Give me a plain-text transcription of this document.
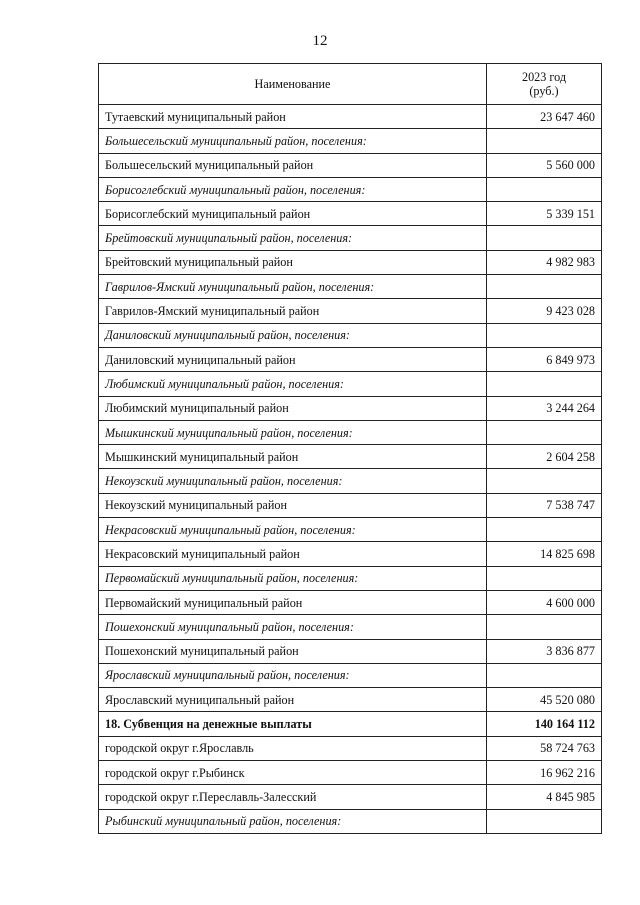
12
Наименование	2023 год
(руб.)
Тутаевский муниципальный район	23 647 460
Большесельский муниципальный район, поселения:	
Большесельский муниципальный район	5 560 000
Борисоглебский муниципальный район, поселения:	
Борисоглебский муниципальный район	5 339 151
Брейтовский муниципальный район, поселения:	
Брейтовский муниципальный район	4 982 983
Гаврилов-Ямский муниципальный район, поселения:	
Гаврилов-Ямский муниципальный район	9 423 028
Даниловский муниципальный район, поселения:	
Даниловский муниципальный район	6 849 973
Любимский муниципальный район, поселения:	
Любимский муниципальный район	3 244 264
Мышкинский муниципальный район, поселения:	
Мышкинский муниципальный район	2 604 258
Некоузский муниципальный район, поселения:	
Некоузский муниципальный район	7 538 747
Некрасовский муниципальный район, поселения:	
Некрасовский муниципальный район	14 825 698
Первомайский муниципальный район, поселения:	
Первомайский муниципальный район	4 600 000
Пошехонский муниципальный район, поселения:	
Пошехонский муниципальный район	3 836 877
Ярославский муниципальный район, поселения:	
Ярославский муниципальный район	45 520 080
18. Субвенция на денежные выплаты	140 164 112
городской округ г.Ярославль	58 724 763
городской округ г.Рыбинск	16 962 216
городской округ г.Переславль-Залесский	4 845 985
Рыбинский муниципальный район, поселения:	
